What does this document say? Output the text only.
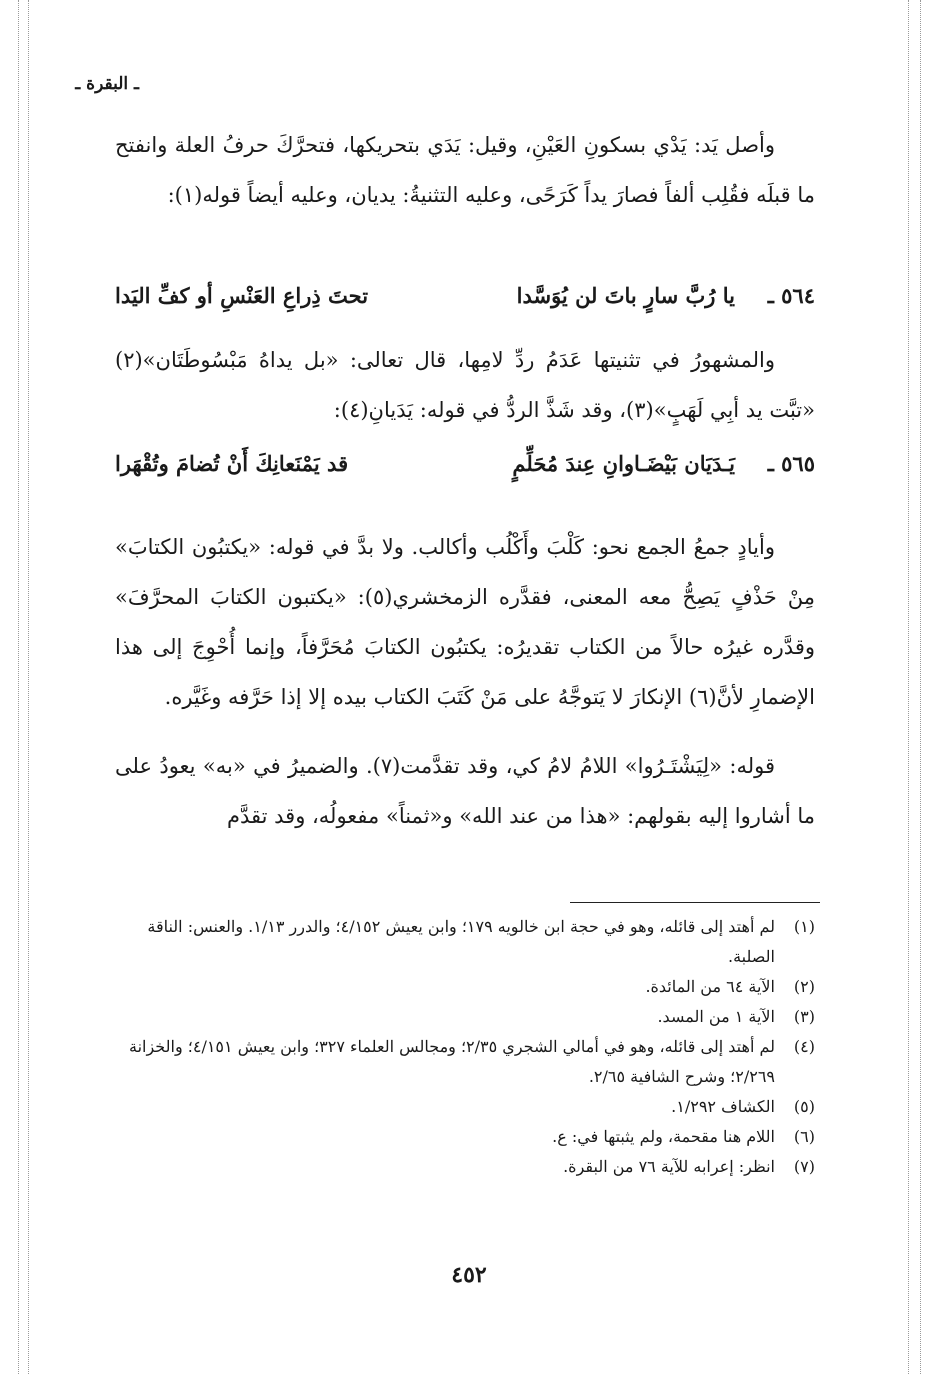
ـ البقرة ـ

وأصل يَد: يَدْي بسكونِ العَيْنِ، وقيل: يَدَي بتحريكها، فتحرَّكَ حرفُ العلة وانفتح ما قبلَه فقُلِب ألفاً فصارَ يداً كَرَحًى، وعليه التثنيةُ: يديان، وعليه أيضاً قوله(١):

٥٦٤ ـ
يا رُبَّ سارٍ باتَ لن يُوَسَّدا
تحتَ ذِراعِ العَنْسِ أو كفِّ اليَدا

والمشهورُ في تثنيتها عَدَمُ ردِّ لامِها، قال تعالى: «بل يداهُ مَبْسُوطَتَان»(٢) «تبَّت يد أبِي لَهَبٍ»(٣)، وقد شَذَّ الردُّ في قوله: يَدَيانِ(٤):

٥٦٥ ـ
يَـدَيَان بَيْضَـاوانِ عِندَ مُحَلِّمٍ
قد يَمْنَعانِكَ أَنْ تُضامَ وتُقْهَرا

وأيادٍ جمعُ الجمع نحو: كَلْبَ وأَكْلُب وأكالب. ولا بدَّ في قوله: «يكتبُون الكتابَ» مِنْ حَذْفٍ يَصِحُّ معه المعنى، فقدَّره الزمخشري(٥): «يكتبون الكتابَ المحرَّفَ» وقدَّره غيرُه حالاً من الكتاب تقديرُه: يكتبُون الكتابَ مُحَرَّفاً، وإنما أُحْوِجَ إلى هذا الإضمارِ لأنَّ(٦) الإنكارَ لا يَتوجَّهُ على مَنْ كَتَبَ الكتاب بيده إلا إذا حَرَّفه وغَيَّره.

قوله: «لِيَشْتَـرُوا» اللامُ لامُ كي، وقد تقدَّمت(٧). والضميرُ في «به» يعودُ على ما أشاروا إليه بقولهم: «هذا من عند الله» و«ثمناً» مفعولُه، وقد تقدَّم

(١)
لم أهتد إلى قائله، وهو في حجة ابن خالويه ١٧٩؛ وابن يعيش ٤/١٥٢؛ والدرر ١/١٣. والعنس: الناقة الصلبة.

(٢)
الآية ٦٤ من المائدة.

(٣)
الآية ١ من المسد.

(٤)
لم أهتد إلى قائله، وهو في أمالي الشجري ٢/٣٥؛ ومجالس العلماء ٣٢٧؛ وابن يعيش ٤/١٥١؛ والخزانة ٢/٢٦٩؛ وشرح الشافية ٢/٦٥.

(٥)
الكشاف ١/٢٩٢.

(٦)
اللام هنا مقحمة، ولم يثبتها في: ع.

(٧)
انظر: إعرابه للآية ٧٦ من البقرة.

٤٥٢
